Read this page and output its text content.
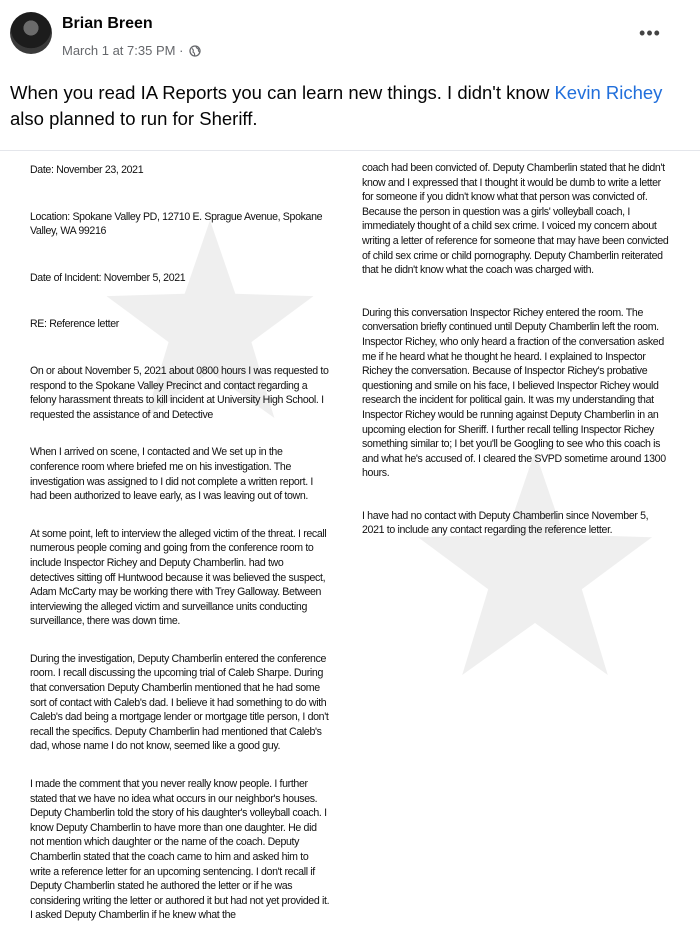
Brian Breen
March 1 at 7:35 PM ·
•••
When you read IA Reports you can learn new things. I didn't know Kevin Richey also planned to run for Sheriff.

Date: November 23, 2021

Location: Spokane Valley PD, 12710 E. Sprague Avenue, Spokane Valley, WA 99216

Date of Incident: November 5, 2021

RE: Reference letter

On or about November 5, 2021 about 0800 hours I was requested to respond to the Spokane Valley Precinct and contact regarding a felony harassment threats to kill incident at University High School. I requested the assistance of and Detective

When I arrived on scene, I contacted and We set up in the conference room where briefed me on his investigation. The investigation was assigned to I did not complete a written report. I had been authorized to leave early, as I was leaving out of town.

At some point, left to interview the alleged victim of the threat. I recall numerous people coming and going from the conference room to include Inspector Richey and Deputy Chamberlin. had two detectives sitting off Huntwood because it was believed the suspect, Adam McCarty may be working there with Trey Galloway. Between interviewing the alleged victim and surveillance units conducting surveillance, there was down time.

During the investigation, Deputy Chamberlin entered the conference room. I recall discussing the upcoming trial of Caleb Sharpe. During that conversation Deputy Chamberlin mentioned that he had some sort of contact with Caleb's dad. I believe it had something to do with Caleb's dad being a mortgage lender or mortgage title person, I don't recall the specifics. Deputy Chamberlin had mentioned that Caleb's dad, whose name I do not know, seemed like a good guy.

I made the comment that you never really know people. I further stated that we have no idea what occurs in our neighbor's houses. Deputy Chamberlin told the story of his daughter's volleyball coach. I know Deputy Chamberlin to have more than one daughter. He did not mention which daughter or the name of the coach. Deputy Chamberlin stated that the coach came to him and asked him to write a reference letter for an upcoming sentencing. I don't recall if Deputy Chamberlin stated he authored the letter or if he was considering writing the letter or authored it but had not yet provided it. I asked Deputy Chamberlin if he knew what the

coach had been convicted of. Deputy Chamberlin stated that he didn't know and I expressed that I thought it would be dumb to write a letter for someone if you didn't know what that person was convicted of. Because the person in question was a girls' volleyball coach, I immediately thought of a child sex crime. I voiced my concern about writing a letter of reference for someone that may have been convicted of child sex crime or child pornography. Deputy Chamberlin reiterated that he didn't know what the coach was charged with.

During this conversation Inspector Richey entered the room. The conversation briefly continued until Deputy Chamberlin left the room. Inspector Richey, who only heard a fraction of the conversation asked me if he heard what he thought he heard. I explained to Inspector Richey the conversation. Because of Inspector Richey's probative questioning and smile on his face, I believed Inspector Richey would research the incident for political gain. It was my understanding that Inspector Richey would be running against Deputy Chamberlin in an upcoming election for Sheriff. I further recall telling Inspector Richey something similar to; I bet you'll be Googling to see who this coach is and what he's accused of. I cleared the SVPD sometime around 1300 hours.

I have had no contact with Deputy Chamberlin since November 5, 2021 to include any contact regarding the reference letter.
